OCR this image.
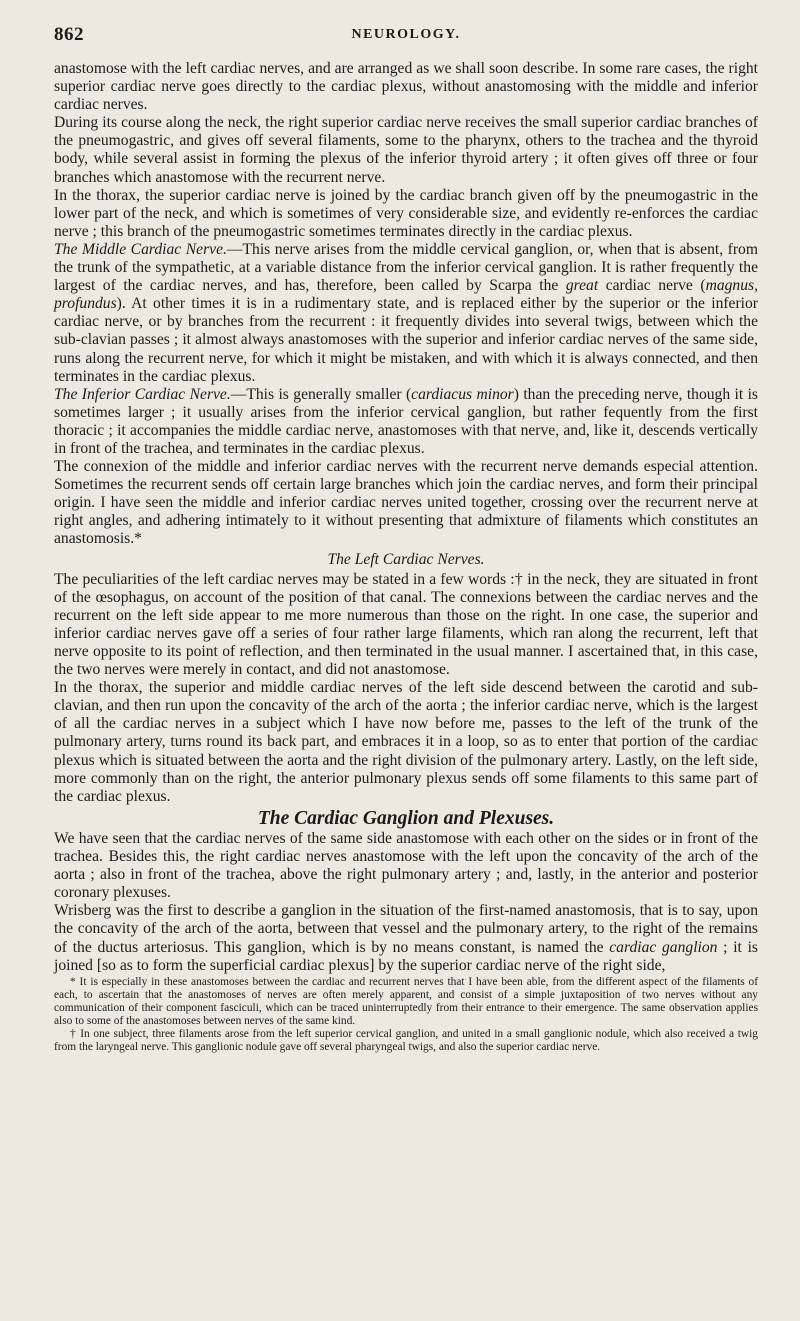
862	NEUROLOGY.

anastomose with the left cardiac nerves, and are arranged as we shall soon describe. In some rare cases, the right superior cardiac nerve goes directly to the cardiac plexus, without anastomosing with the middle and inferior cardiac nerves.

During its course along the neck, the right superior cardiac nerve receives the small superior cardiac branches of the pneumogastric, and gives off several filaments, some to the pharynx, others to the trachea and the thyroid body, while several assist in forming the plexus of the inferior thyroid artery ; it often gives off three or four branches which anastomose with the recurrent nerve.

In the thorax, the superior cardiac nerve is joined by the cardiac branch given off by the pneumogastric in the lower part of the neck, and which is sometimes of very considerable size, and evidently re-enforces the cardiac nerve ; this branch of the pneumogastric sometimes terminates directly in the cardiac plexus.

The Middle Cardiac Nerve.—This nerve arises from the middle cervical ganglion, or, when that is absent, from the trunk of the sympathetic, at a variable distance from the inferior cervical ganglion. It is rather frequently the largest of the cardiac nerves, and has, therefore, been called by Scarpa the great cardiac nerve (magnus, profundus). At other times it is in a rudimentary state, and is replaced either by the superior or the inferior cardiac nerve, or by branches from the recurrent : it frequently divides into several twigs, between which the sub-clavian passes ; it almost always anastomoses with the superior and inferior cardiac nerves of the same side, runs along the recurrent nerve, for which it might be mistaken, and with which it is always connected, and then terminates in the cardiac plexus.

The Inferior Cardiac Nerve.—This is generally smaller (cardiacus minor) than the preceding nerve, though it is sometimes larger ; it usually arises from the inferior cervical ganglion, but rather fequently from the first thoracic ; it accompanies the middle cardiac nerve, anastomoses with that nerve, and, like it, descends vertically in front of the trachea, and terminates in the cardiac plexus.

The connexion of the middle and inferior cardiac nerves with the recurrent nerve demands especial attention. Sometimes the recurrent sends off certain large branches which join the cardiac nerves, and form their principal origin. I have seen the middle and inferior cardiac nerves united together, crossing over the recurrent nerve at right angles, and adhering intimately to it without presenting that admixture of filaments which constitutes an anastomosis.*

The Left Cardiac Nerves.

The peculiarities of the left cardiac nerves may be stated in a few words :† in the neck, they are situated in front of the œsophagus, on account of the position of that canal. The connexions between the cardiac nerves and the recurrent on the left side appear to me more numerous than those on the right. In one case, the superior and inferior cardiac nerves gave off a series of four rather large filaments, which ran along the recurrent, left that nerve opposite to its point of reflection, and then terminated in the usual manner. I ascertained that, in this case, the two nerves were merely in contact, and did not anastomose.

In the thorax, the superior and middle cardiac nerves of the left side descend between the carotid and sub-clavian, and then run upon the concavity of the arch of the aorta ; the inferior cardiac nerve, which is the largest of all the cardiac nerves in a subject which I have now before me, passes to the left of the trunk of the pulmonary artery, turns round its back part, and embraces it in a loop, so as to enter that portion of the cardiac plexus which is situated between the aorta and the right division of the pulmonary artery. Lastly, on the left side, more commonly than on the right, the anterior pulmonary plexus sends off some filaments to this same part of the cardiac plexus.

The Cardiac Ganglion and Plexuses.

We have seen that the cardiac nerves of the same side anastomose with each other on the sides or in front of the trachea. Besides this, the right cardiac nerves anastomose with the left upon the concavity of the arch of the aorta ; also in front of the trachea, above the right pulmonary artery ; and, lastly, in the anterior and posterior coronary plexuses.

Wrisberg was the first to describe a ganglion in the situation of the first-named anastomosis, that is to say, upon the concavity of the arch of the aorta, between that vessel and the pulmonary artery, to the right of the remains of the ductus arteriosus. This ganglion, which is by no means constant, is named the cardiac ganglion ; it is joined [so as to form the superficial cardiac plexus] by the superior cardiac nerve of the right side,

* It is especially in these anastomoses between the cardiac and recurrent nerves that I have been able, from the different aspect of the filaments of each, to ascertain that the anastomoses of nerves are often merely apparent, and consist of a simple juxtaposition of two nerves without any communication of their component fasciculi, which can be traced uninterruptedly from their entrance to their emergence. The same observation applies also to some of the anastomoses between nerves of the same kind.

† In one subject, three filaments arose from the left superior cervical ganglion, and united in a small ganglionic nodule, which also received a twig from the laryngeal nerve. This ganglionic nodule gave off several pharyngeal twigs, and also the superior cardiac nerve.
